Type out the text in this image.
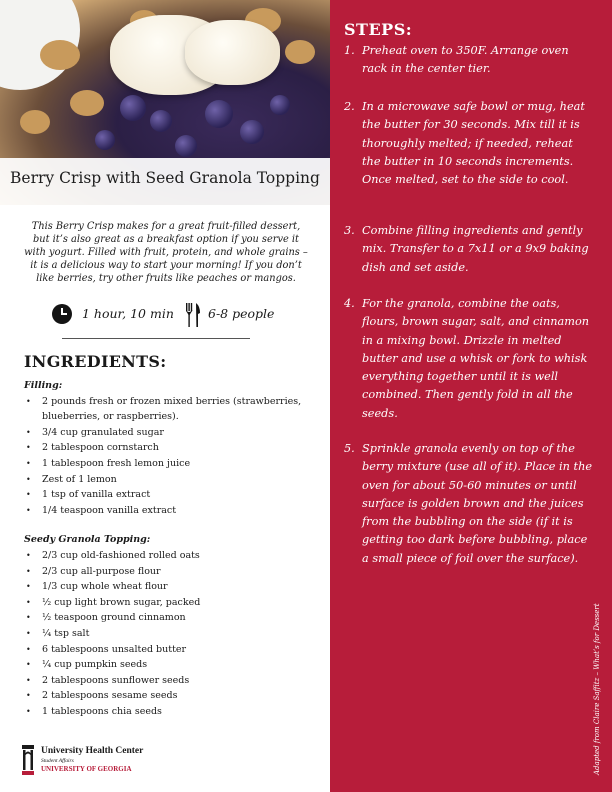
Berry Crisp with Seed Granola Topping
This Berry Crisp makes for a great fruit-filled dessert, but it’s also great as a breakfast option if you serve it with yogurt. Filled with fruit, protein, and whole grains – it is a delicious way to start your morning! If you don’t like berries, try other fruits like peaches or mangos.
1 hour, 10 min	6-8 people
INGREDIENTS:

Filling:

• 2 pounds fresh or frozen mixed berries (strawberries, blueberries, or raspberries).
• 3/4 cup granulated sugar
• 2 tablespoon cornstarch
• 1 tablespoon fresh lemon juice
• Zest of 1 lemon
• 1 tsp of vanilla extract
• 1/4 teaspoon vanilla extract

Seedy Granola Topping:

• 2/3 cup old-fashioned rolled oats
• 2/3 cup all-purpose flour
• 1/3 cup whole wheat flour
• ½ cup light brown sugar, packed
• ½ teaspoon ground cinnamon
• ¼ tsp salt
• 6 tablespoons unsalted butter
• ¼ cup pumpkin seeds
• 2 tablespoons sunflower seeds
• 2 tablespoons sesame seeds
• 1 tablespoons chia seeds
University Health Center
Student Affairs
UNIVERSITY OF GEORGIA
STEPS:
1. Preheat oven to 350F. Arrange oven rack in the center tier.
2. In a microwave safe bowl or mug, heat the butter for 30 seconds. Mix till it is thoroughly melted; if needed, reheat the butter in 10 seconds increments. Once melted, set to the side to cool.
3. Combine filling ingredients and gently mix. Transfer to a 7x11 or a 9x9 baking dish and set aside.
4. For the granola, combine the oats, flours, brown sugar, salt, and cinnamon in a mixing bowl. Drizzle in melted butter and use a whisk or fork to whisk everything together until it is well combined. Then gently fold in all the seeds.
5. Sprinkle granola evenly on top of the berry mixture (use all of it). Place in the oven for about 50-60 minutes or until surface is golden brown and the juices from the bubbling on the side (if it is getting too dark before bubbling, place a small piece of foil over the surface).
Adapted from Claire Saffitz – What’s for Dessert
